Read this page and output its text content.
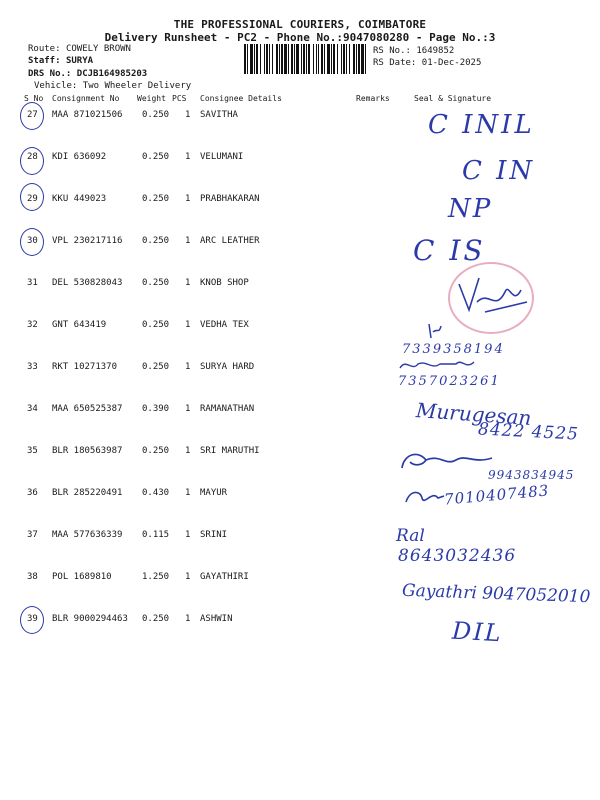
THE PROFESSIONAL COURIERS, COIMBATORE
Delivery Runsheet - PC2 - Phone No.:9047080280 - Page No.:3
Route: COWELY BROWN
Staff: SURYA
DRS No.: DCJB164985203
Vehicle: Two Wheeler Delivery
RS No.: 1649852
RS Date: 01-Dec-2025
S No Consignment No Weight PCS Consignee Details	Remarks	Seal & Signature
27 MAA 871021506 0.250 1 SAVITHA
28 KDI 636092	0.250 1 VELUMANI
29 KKU 449023	0.250 1 PRABHAKARAN
30 VPL 230217116 0.250 1 ARC LEATHER
31 DEL 530828043 0.250 1 KNOB SHOP
32 GNT 643419	0.250 1 VEDHA TEX
33 RKT 10271370	0.250 1 SURYA HARD
34 MAA 650525387 0.390 1 RAMANATHAN
35 BLR 180563987 0.250 1 SRI MARUTHI
36 BLR 285220491 0.430 1 MAYUR
37 MAA 577636339 0.115 1 SRINI
38 POL 1689810	1.250 1 GAYATHIRI
39 BLR 9000294463 0.250 1 ASHWIN
C INIL
C IN
NP
C IS
7339358194
7357023261
Murugesan
8422 4525
9943834945
7010407483
Ral
8643032436
Gayathri 9047052010
DIL
